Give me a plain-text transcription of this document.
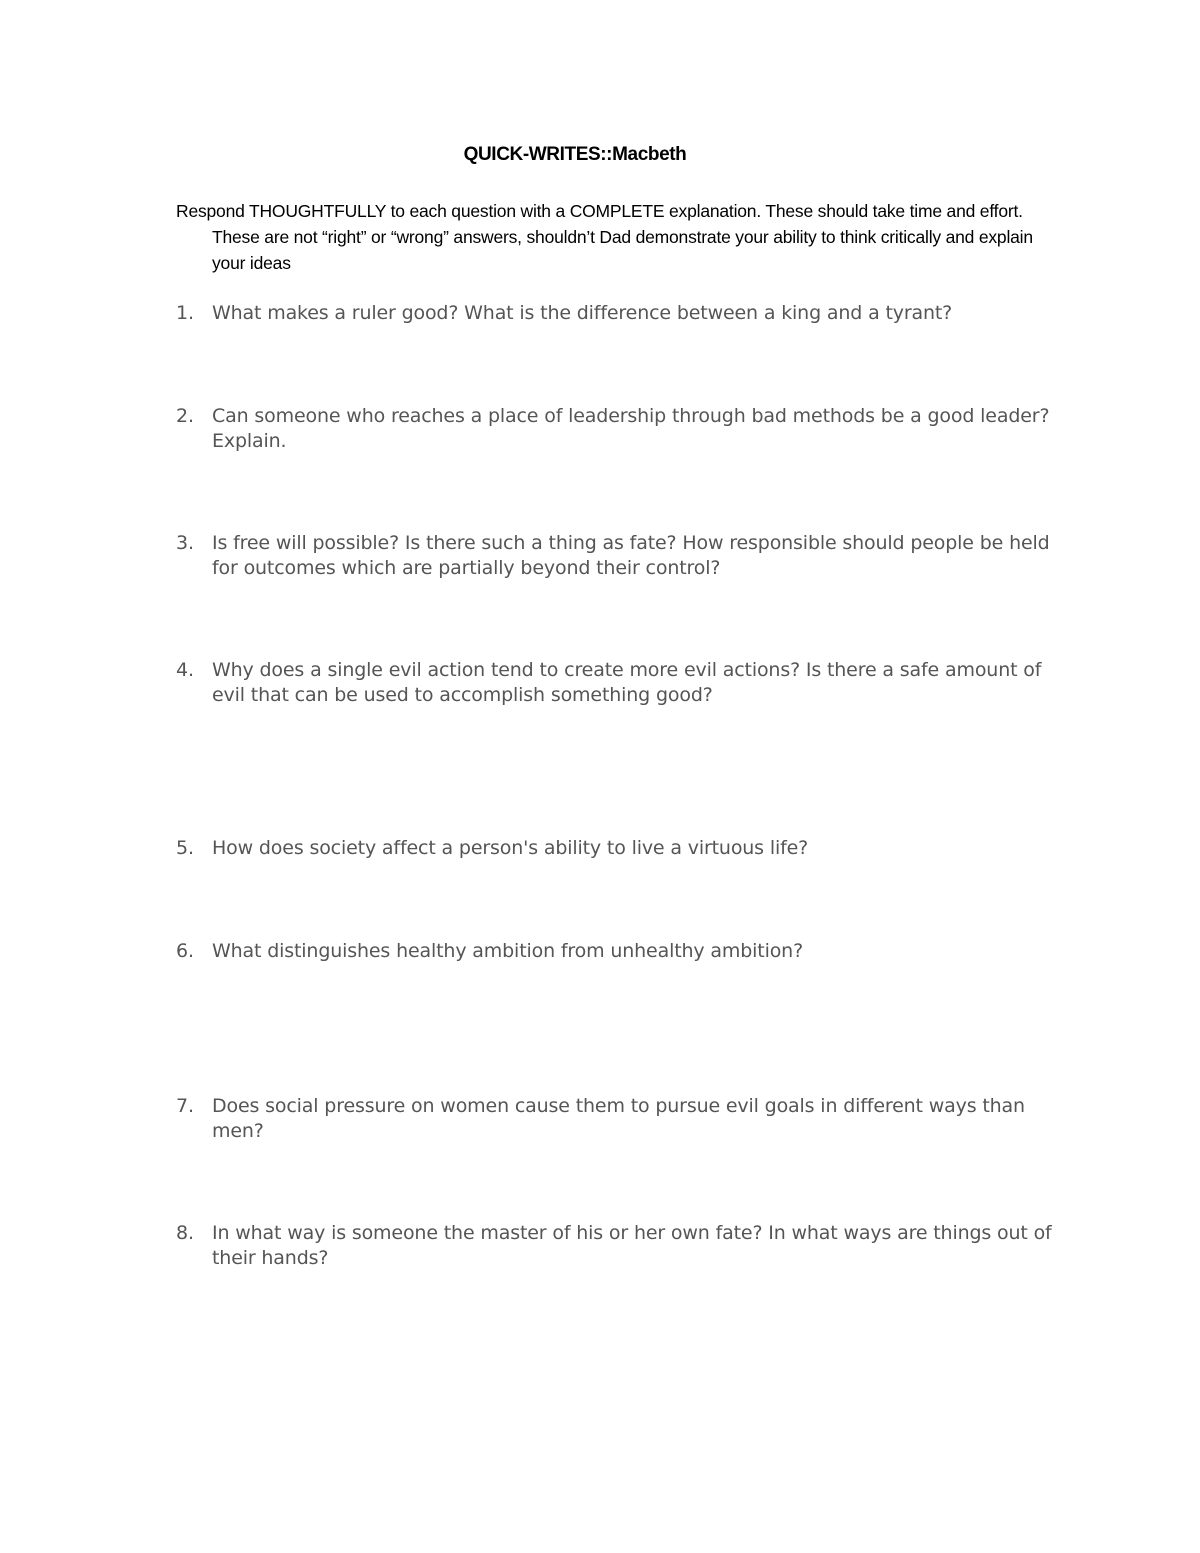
QUICK-WRITES::Macbeth
Respond THOUGHTFULLY to each question with a COMPLETE explanation. These should take time and effort. These are not “right” or “wrong” answers, shouldn’t Dad demonstrate your ability to think critically and explain your ideas
1. What makes a ruler good? What is the difference between a king and a tyrant?
2. Can someone who reaches a place of leadership through bad methods be a good leader? Explain.
3. Is free will possible? Is there such a thing as fate? How responsible should people be held for outcomes which are partially beyond their control?
4. Why does a single evil action tend to create more evil actions? Is there a safe amount of evil that can be used to accomplish something good?
5. How does society affect a person's ability to live a virtuous life?
6. What distinguishes healthy ambition from unhealthy ambition?
7. Does social pressure on women cause them to pursue evil goals in different ways than men?
8. In what way is someone the master of his or her own fate? In what ways are things out of their hands?
